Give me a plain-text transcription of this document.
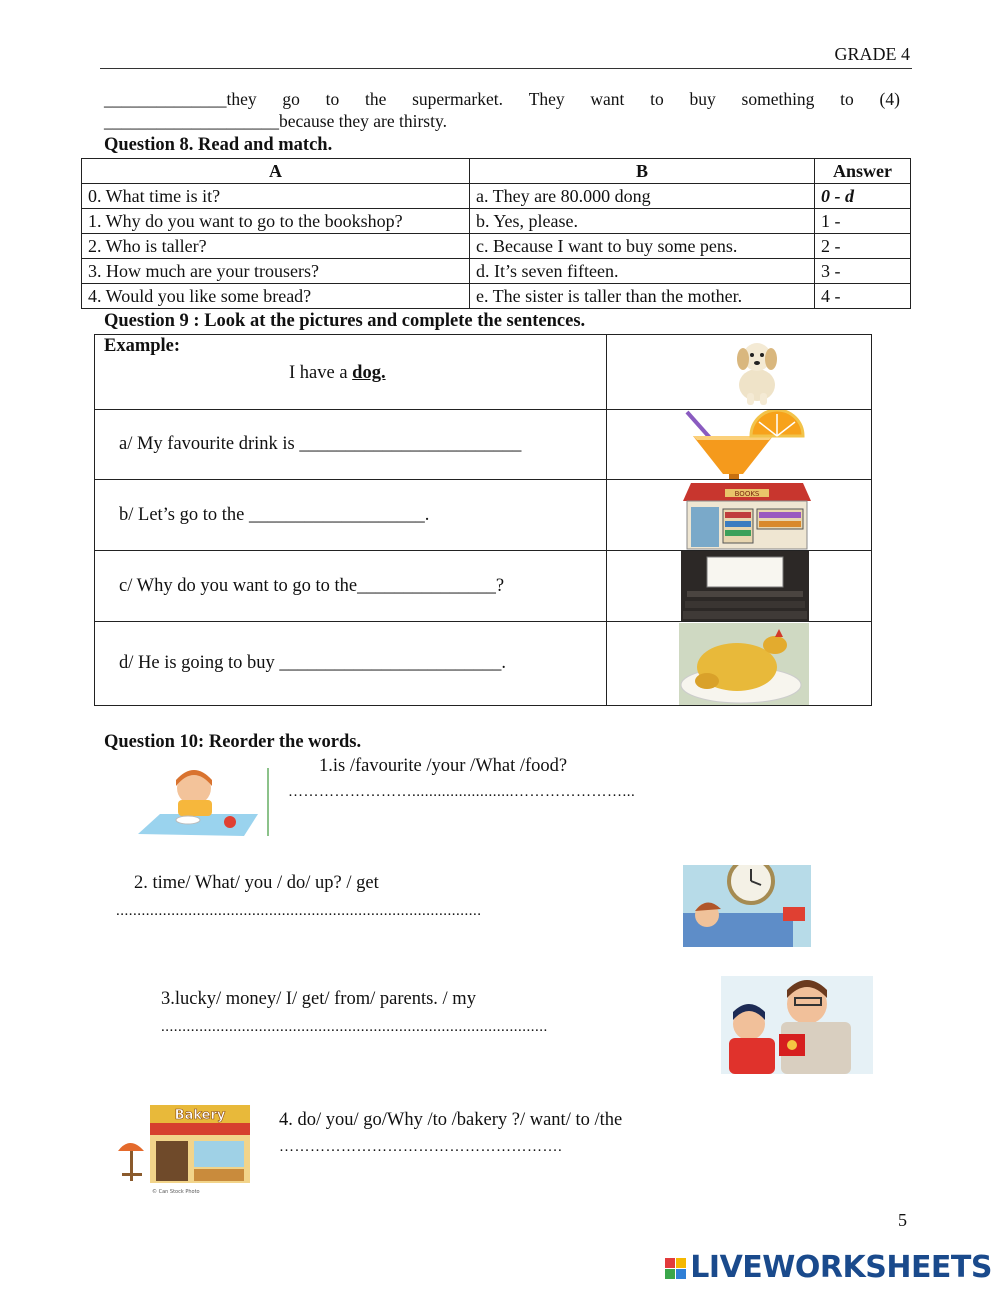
GRADE 4
______________they go to the supermarket. They want to buy something to (4)
____________________because they are thirsty.
Question 8. Read and match.
A	B	Answer
0. What time is it?	a. They are 80.000 dong	0 - d
1. Why do you want to go to the bookshop?	b. Yes, please.	1 -
2. Who is taller?	c. Because I want to buy some pens.	2 -
3. How much are your trousers?	d. It’s seven fifteen.	3 -
4. Would you like some bread?	e. The sister is taller than the mother.	4 -
Question 9 : Look at the pictures and complete the sentences.
Example:
I have a dog.

a/ My favourite drink is ________________________	

b/ Let’s go to the ___________________.	BOOKS

c/ Why do you want to go to the_______________?	

d/ He is going to buy ________________________.	
Question 10: Reorder the words.
1.is /favourite /your /What /food?
……………………........................…………………...
2. time/ What/ you / do/ up? / get
......................................................................................
3.lucky/ money/ I/ get/ from/ parents. / my
...........................................................................................
Bakery
© Can Stock Photo
4. do/ you/ go/Why /to /bakery ?/ want/ to /the
……………………………………………….
5
LIVEWORKSHEETS
